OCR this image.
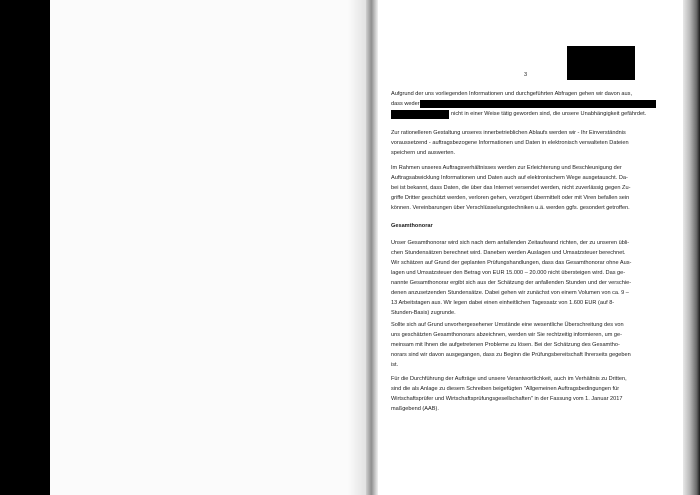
3
Aufgrund der uns vorliegenden Informationen und durchgeführten Abfragen gehen wir davon aus,
dass weder
nicht in einer Weise tätig geworden sind, die unsere Unabhängigkeit gefährdet.
Zur rationelleren Gestaltung unseres innerbetrieblichen Ablaufs werden wir - Ihr Einverständnis
voraussetzend - auftragsbezogene Informationen und Daten in elektronisch verwalteten Dateien
speichern und auswerten.
Im Rahmen unseres Auftragsverhältnisses werden zur Erleichterung und Beschleunigung der
Auftragsabwicklung Informationen und Daten auch auf elektronischem Wege ausgetauscht. Da-
bei ist bekannt, dass Daten, die über das Internet versendet werden, nicht zuverlässig gegen Zu-
griffe Dritter geschützt werden, verloren gehen, verzögert übermittelt oder mit Viren befallen sein
können. Vereinbarungen über Verschlüsselungstechniken u.ä. werden ggfs. gesondert getroffen.
Gesamthonorar
Unser Gesamthonorar wird sich nach dem anfallenden Zeitaufwand richten, der zu unseren übli-
chen Stundensätzen berechnet wird. Daneben werden Auslagen und Umsatzsteuer berechnet.
Wir schätzen auf Grund der geplanten Prüfungshandlungen, dass das Gesamthonorar ohne Aus-
lagen und Umsatzsteuer den Betrag von EUR 15.000 – 20.000 nicht übersteigen wird. Das ge-
nannte Gesamthonorar ergibt sich aus der Schätzung der anfallenden Stunden und der verschie-
denen anzusetzenden Stundensätze. Dabei gehen wir zunächst von einem Volumen von ca. 9 –
13 Arbeitstagen aus. Wir legen dabei einen einheitlichen Tagessatz von 1.600 EUR (auf 8-
Stunden-Basis) zugrunde.
Sollte sich auf Grund unvorhergesehener Umstände eine wesentliche Überschreitung des von
uns geschätzten Gesamthonorars abzeichnen, werden wir Sie rechtzeitig informieren, um ge-
meinsam mit Ihnen die aufgetretenen Probleme zu lösen. Bei der Schätzung des Gesamtho-
norars sind wir davon ausgegangen, dass zu Beginn die Prüfungsbereitschaft Ihrerseits gegeben
ist.
Für die Durchführung der Aufträge und unsere Verantwortlichkeit, auch im Verhältnis zu Dritten,
sind die als Anlage zu diesem Schreiben beigefügten "Allgemeinen Auftragsbedingungen für
Wirtschaftsprüfer und Wirtschaftsprüfungsgesellschaften" in der Fassung vom 1. Januar 2017
maßgebend (AAB).
